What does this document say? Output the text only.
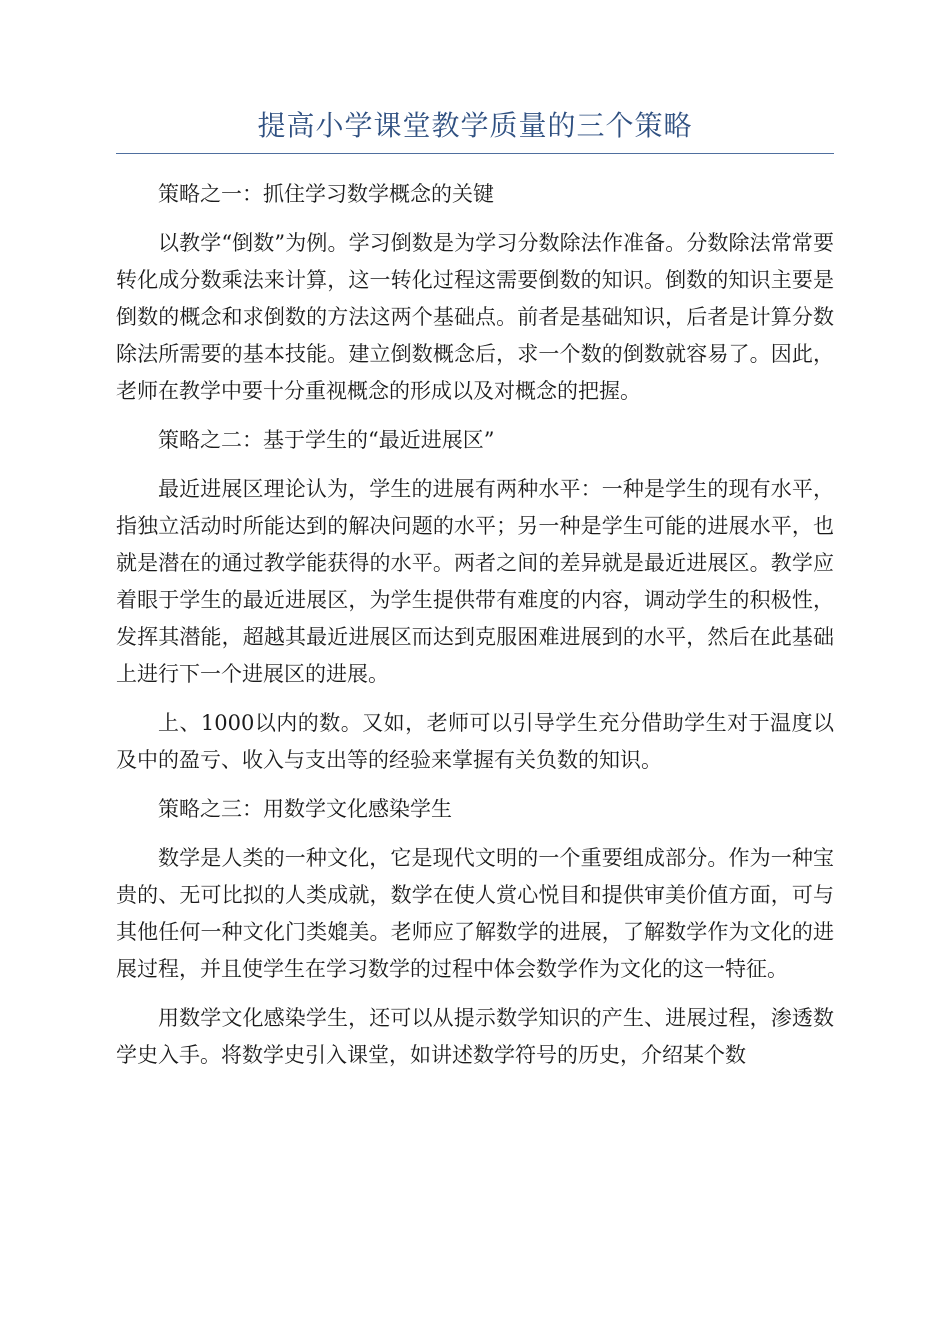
提高小学课堂教学质量的三个策略

策略之一：抓住学习数学概念的关键

以教学“倒数”为例。学习倒数是为学习分数除法作准备。分数除法常常要转化成分数乘法来计算，这一转化过程这需要倒数的知识。倒数的知识主要是倒数的概念和求倒数的方法这两个基础点。前者是基础知识，后者是计算分数除法所需要的基本技能。建立倒数概念后，求一个数的倒数就容易了。因此，老师在教学中要十分重视概念的形成以及对概念的把握。

策略之二：基于学生的“最近进展区”

最近进展区理论认为，学生的进展有两种水平：一种是学生的现有水平，指独立活动时所能达到的解决问题的水平；另一种是学生可能的进展水平，也就是潜在的通过教学能获得的水平。两者之间的差异就是最近进展区。教学应着眼于学生的最近进展区，为学生提供带有难度的内容，调动学生的积极性，发挥其潜能，超越其最近进展区而达到克服困难进展到的水平，然后在此基础上进行下一个进展区的进展。

上、1000以内的数。又如，老师可以引导学生充分借助学生对于温度以及中的盈亏、收入与支出等的经验来掌握有关负数的知识。

策略之三：用数学文化感染学生

数学是人类的一种文化，它是现代文明的一个重要组成部分。作为一种宝贵的、无可比拟的人类成就，数学在使人赏心悦目和提供审美价值方面，可与其他任何一种文化门类媲美。老师应了解数学的进展，了解数学作为文化的进展过程，并且使学生在学习数学的过程中体会数学作为文化的这一特征。

用数学文化感染学生，还可以从提示数学知识的产生、进展过程，渗透数学史入手。将数学史引入课堂，如讲述数学符号的历史，介绍某个数
